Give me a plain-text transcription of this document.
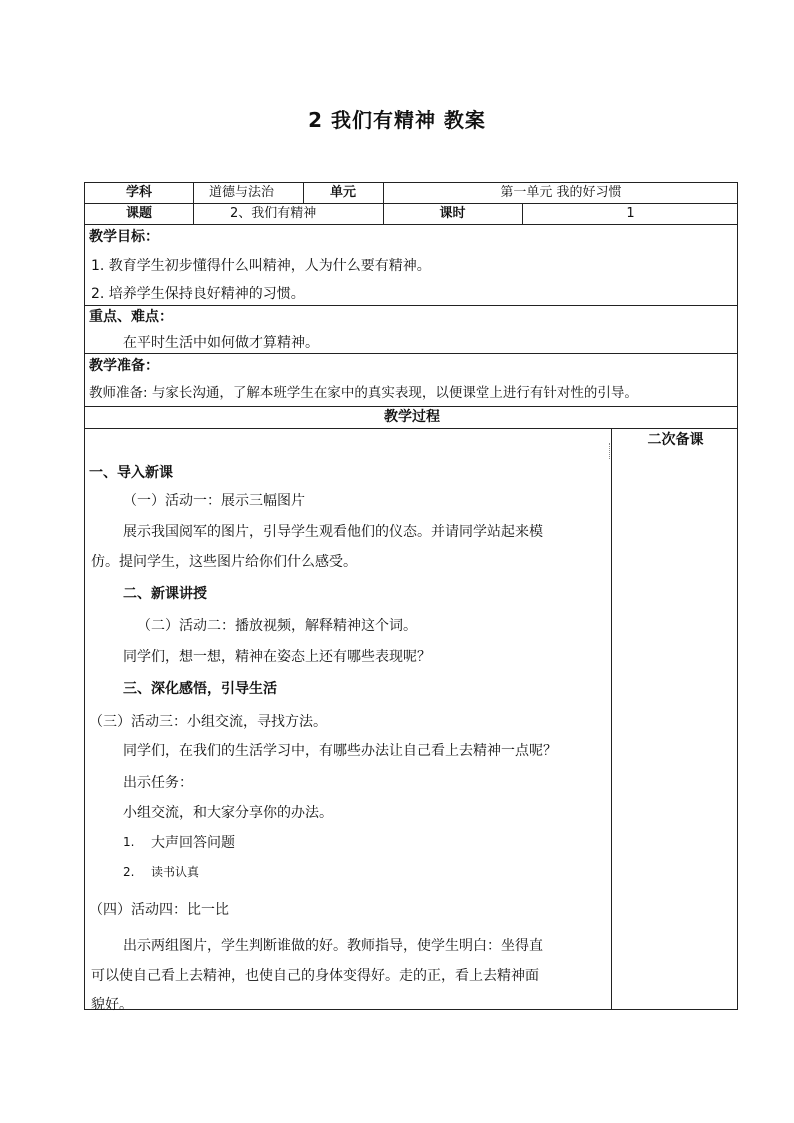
2 我们有精神 教案
学科	道德与法治	单元	第一单元 我的好习惯
课题	2、我们有精神	课时	1
教学目标：
1. 教育学生初步懂得什么叫精神，人为什么要有精神。
2. 培养学生保持良好精神的习惯。
重点、难点：
在平时生活中如何做才算精神。
教学准备：
教师准备: 与家长沟通，了解本班学生在家中的真实表现，以便课堂上进行有针对性的引导。
教学过程
二次备课
一、导入新课
（一）活动一：展示三幅图片
展示我国阅军的图片，引导学生观看他们的仪态。并请同学站起来模
仿。提问学生，这些图片给你们什么感受。
二、新课讲授
（二）活动二：播放视频，解释精神这个词。
同学们，想一想，精神在姿态上还有哪些表现呢？
三、深化感悟，引导生活
（三）活动三：小组交流，寻找方法。
同学们，在我们的生活学习中，有哪些办法让自己看上去精神一点呢？
出示任务：
小组交流，和大家分享你的办法。
1. 大声回答问题
2. 读书认真
（四）活动四：比一比
出示两组图片，学生判断谁做的好。教师指导，使学生明白：坐得直
可以使自己看上去精神，也使自己的身体变得好。走的正，看上去精神面
貌好。
